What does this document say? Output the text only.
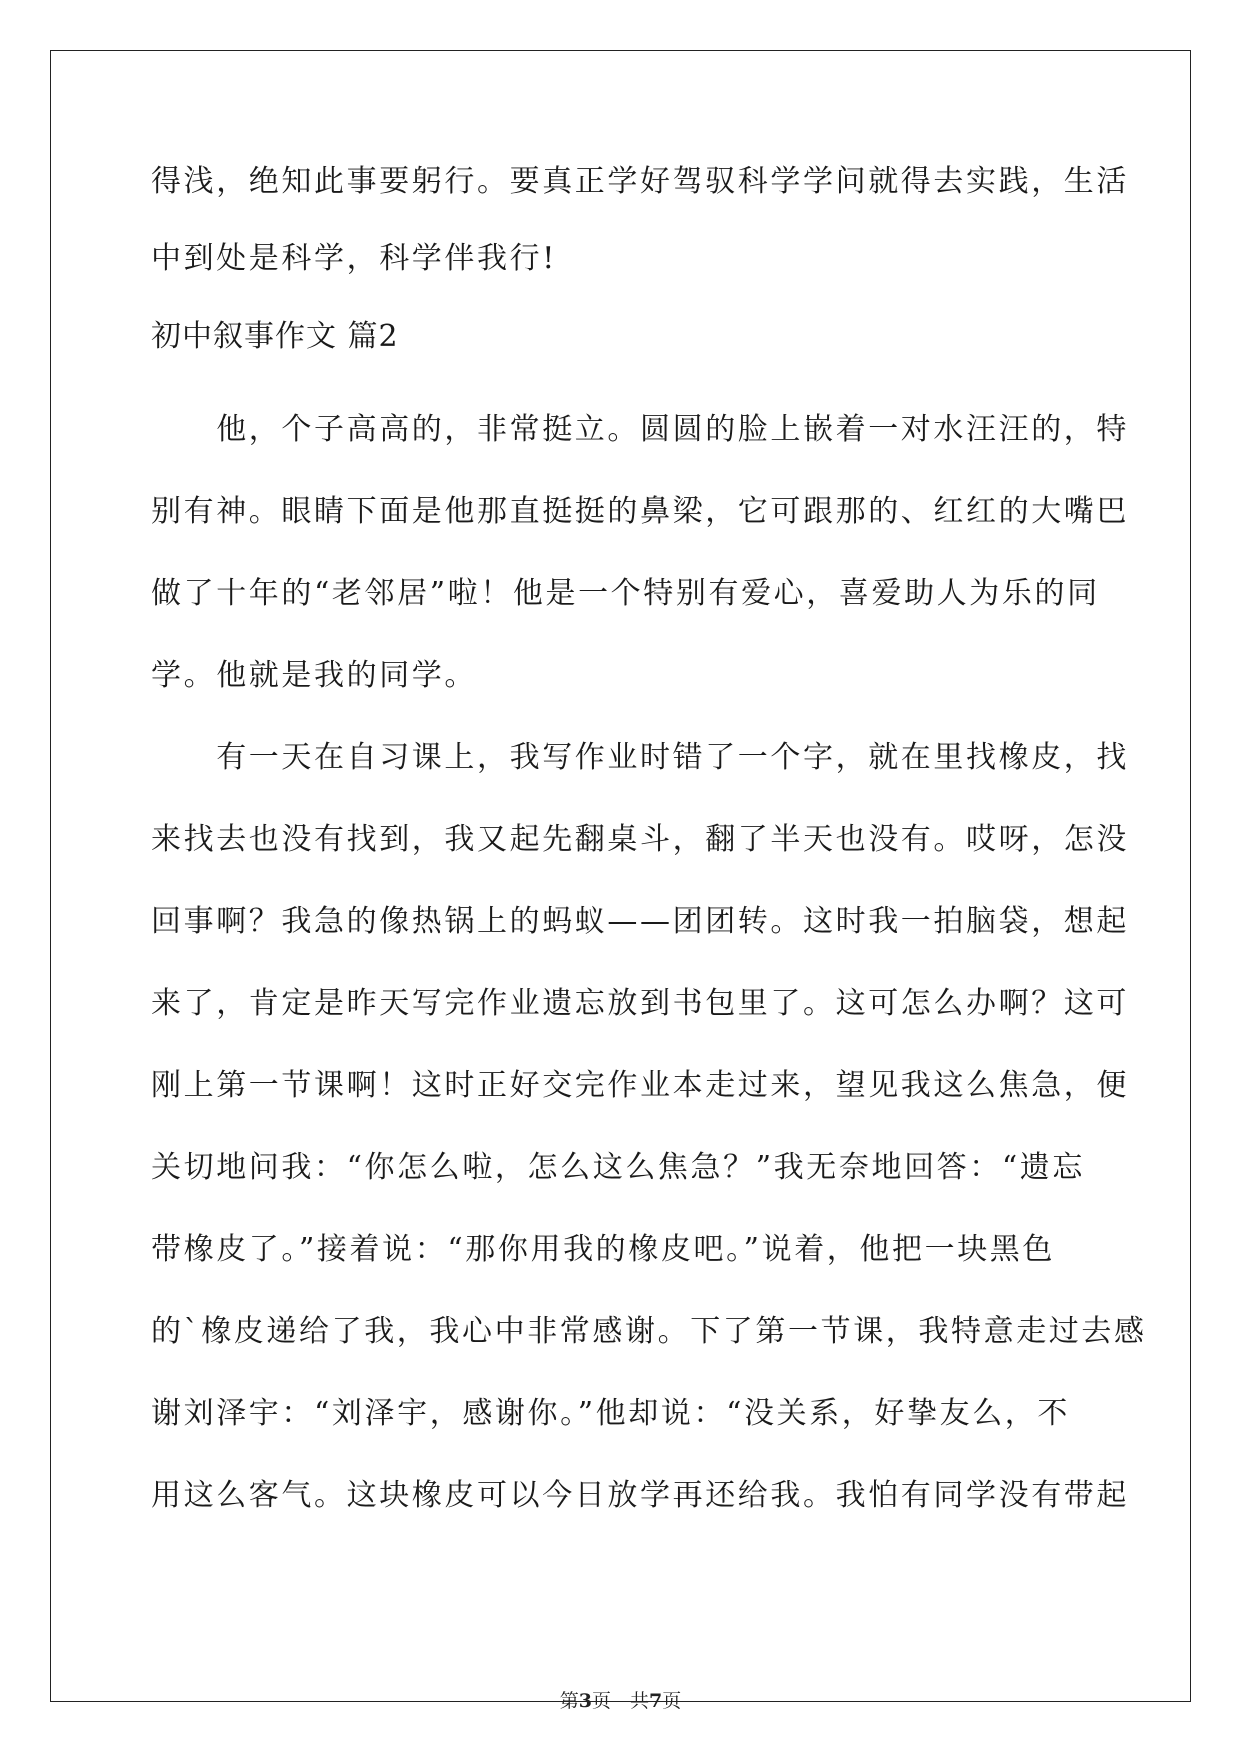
得浅，绝知此事要躬行。要真正学好驾驭科学学问就得去实践，生活
中到处是科学，科学伴我行!
初中叙事作文 篇2
　　他，个子高高的，非常挺立。圆圆的脸上嵌着一对水汪汪的，特
别有神。眼睛下面是他那直挺挺的鼻梁，它可跟那的、红红的大嘴巴
做了十年的“老邻居”啦！他是一个特别有爱心，喜爱助人为乐的同
学。他就是我的同学。
　　有一天在自习课上，我写作业时错了一个字，就在里找橡皮，找
来找去也没有找到，我又起先翻桌斗，翻了半天也没有。哎呀，怎没
回事啊？我急的像热锅上的蚂蚁——团团转。这时我一拍脑袋，想起
来了，肯定是昨天写完作业遗忘放到书包里了。这可怎么办啊？这可
刚上第一节课啊！这时正好交完作业本走过来，望见我这么焦急，便
关切地问我：“你怎么啦，怎么这么焦急？”我无奈地回答：“遗忘
带橡皮了。”接着说：“那你用我的橡皮吧。”说着，他把一块黑色
的`橡皮递给了我，我心中非常感谢。下了第一节课，我特意走过去感
谢刘泽宇：“刘泽宇，感谢你。”他却说：“没关系，好挚友么，不
用这么客气。这块橡皮可以今日放学再还给我。我怕有同学没有带起
第3页　共7页
